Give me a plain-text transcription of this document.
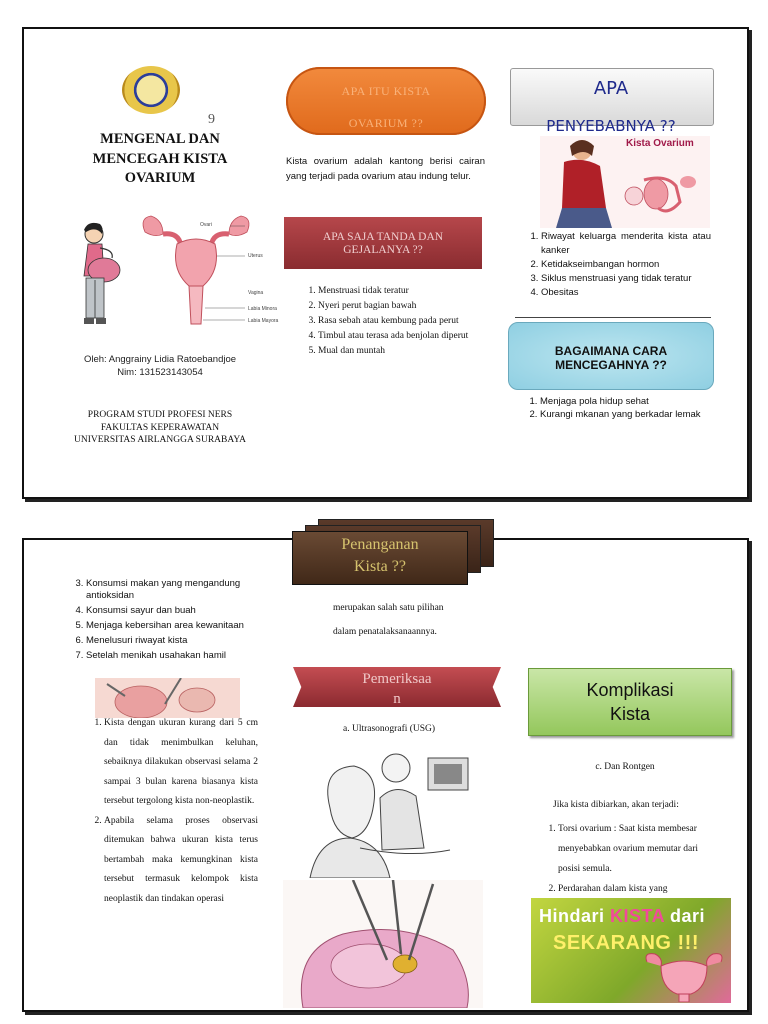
9
MENGENAL DAN
MENCEGAH KISTA
OVARIUM
Ovari
Uterus
Vagina
Labia Minora
Labia Mayora
Oleh: Anggrainy Lidia Ratoebandjoe
Nim: 131523143054
PROGRAM STUDI PROFESI NERS
FAKULTAS KEPERAWATAN
UNIVERSITAS AIRLANGGA SURABAYA
APA ITU KISTA
OVARIUM ??
Kista ovarium adalah kantong berisi cairan yang terjadi pada ovarium atau indung telur.
APA SAJA TANDA DAN
GEJALANYA ??
1. Menstruasi tidak teratur
2. Nyeri perut bagian bawah
3. Rasa sebah atau kembung pada perut
4. Timbul atau terasa ada benjolan diperut
5. Mual dan muntah
APA
PENYEBABNYA ??
Kista Ovarium
1. Riwayat keluarga menderita kista atau kanker
2. Ketidakseimbangan hormon
3. Siklus menstruasi yang tidak teratur
4. Obesitas
BAGAIMANA CARA
MENCEGAHNYA ??
1. Menjaga pola hidup sehat
2. Kurangi mkanan yang berkadar lemak
3. Konsumsi makan yang mengandung antioksidan
4. Konsumsi sayur dan buah
5. Menjaga kebersihan area kewanitaan
6. Menelusuri riwayat kista
7. Setelah menikah usahakan hamil
1. Kista dengan ukuran kurang dari 5 cm dan tidak menimbulkan keluhan, sebaiknya dilakukan observasi selama 2 sampai 3 bulan karena biasanya kista tersebut tergolong kista non-neoplastik.
2. Apabila selama proses observasi ditemukan bahwa ukuran kista terus bertambah maka kemungkinan kista tersebut termasuk kelompok kista neoplastik dan tindakan operasi
Penanganan
Kista ??
merupakan salah satu pilihan
dalam penatalaksanaannya.
Pemeriksaa
n
a. Ultrasonografi (USG)
Komplikasi
Kista
c. Dan Rontgen
Jika kista dibiarkan, akan terjadi:
1. Torsi ovarium : Saat kista membesar menyebabkan ovarium memutar dari posisi semula.
2. Perdarahan dalam kista yang
Hindari KISTA dari
SEKARANG !!!
